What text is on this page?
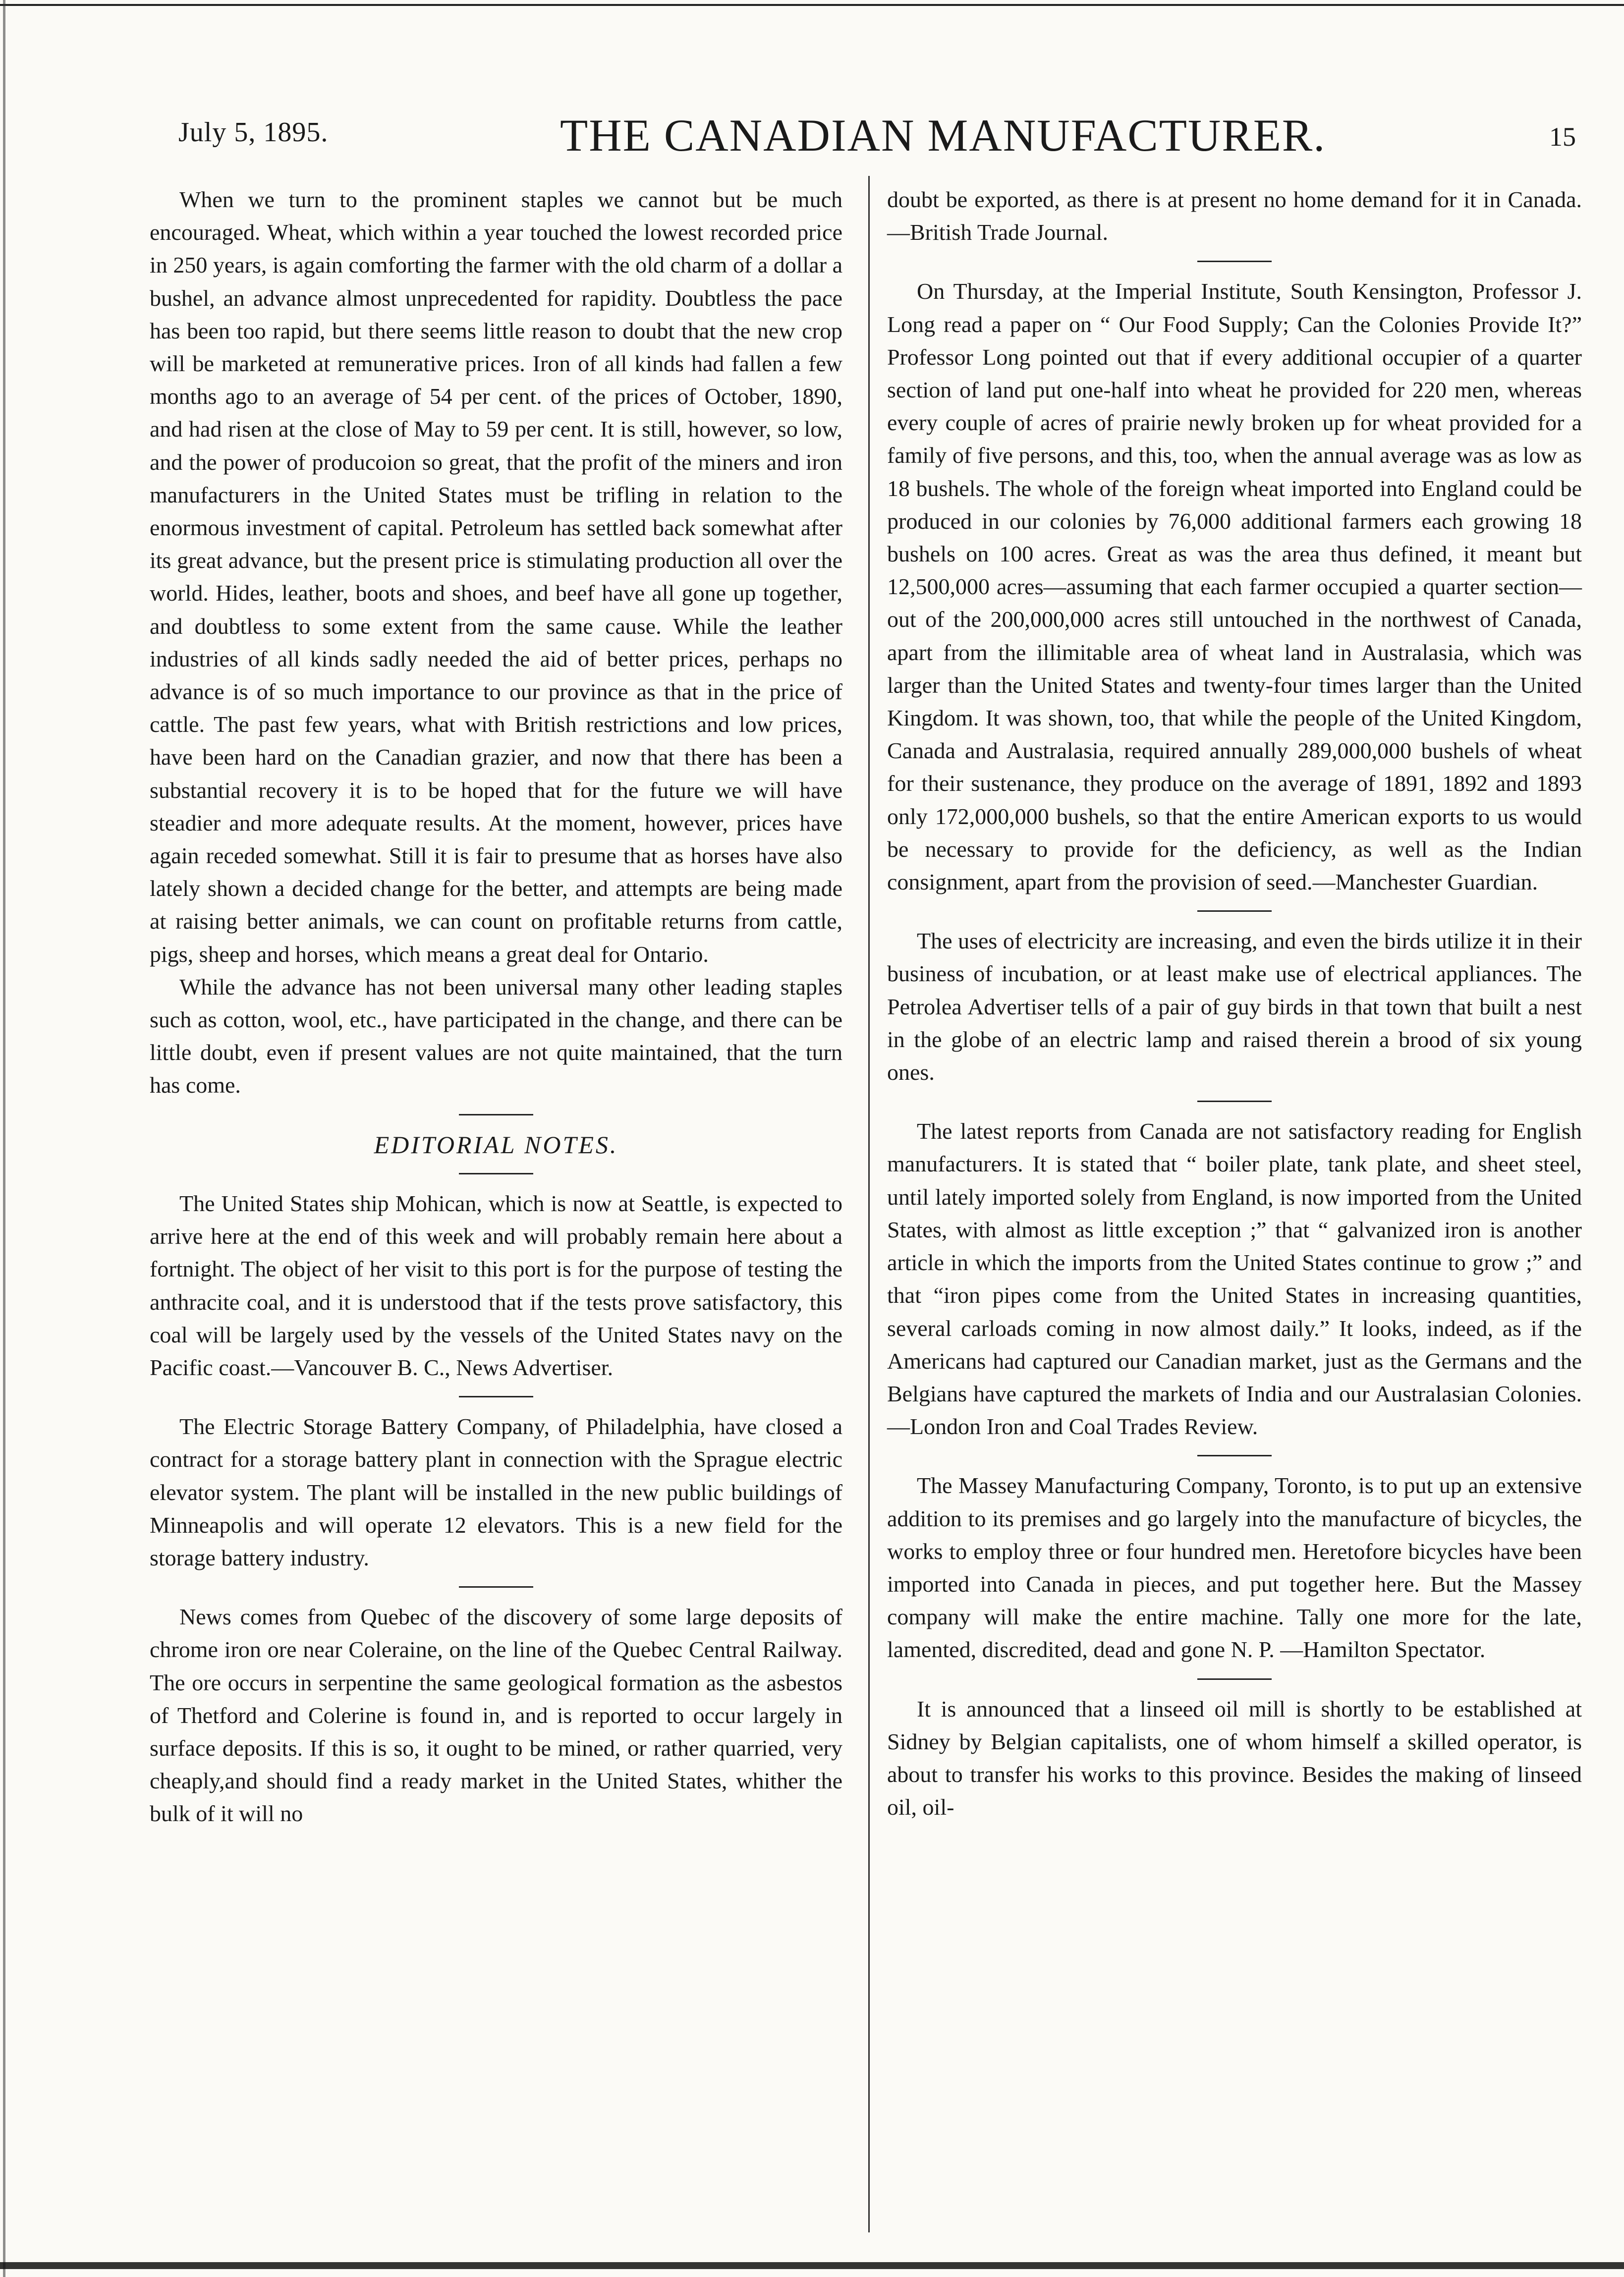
July 5, 1895.	THE CANADIAN MANUFACTURER.	15

When we turn to the prominent staples we cannot but be much encouraged. Wheat, which within a year touched the lowest recorded price in 250 years, is again comforting the farmer with the old charm of a dollar a bushel, an advance almost unprecedented for rapidity. Doubtless the pace has been too rapid, but there seems little reason to doubt that the new crop will be marketed at remunerative prices. Iron of all kinds had fallen a few months ago to an average of 54 per cent. of the prices of October, 1890, and had risen at the close of May to 59 per cent. It is still, however, so low, and the power of producoion so great, that the profit of the miners and iron manufacturers in the United States must be trifling in relation to the enormous investment of capital. Petroleum has settled back somewhat after its great advance, but the present price is stimulating production all over the world. Hides, leather, boots and shoes, and beef have all gone up together, and doubtless to some extent from the same cause. While the leather industries of all kinds sadly needed the aid of better prices, perhaps no advance is of so much importance to our province as that in the price of cattle. The past few years, what with British restrictions and low prices, have been hard on the Canadian grazier, and now that there has been a substantial recovery it is to be hoped that for the future we will have steadier and more adequate results. At the moment, however, prices have again receded somewhat. Still it is fair to presume that as horses have also lately shown a decided change for the better, and attempts are being made at raising better animals, we can count on profitable returns from cattle, pigs, sheep and horses, which means a great deal for Ontario.

While the advance has not been universal many other leading staples such as cotton, wool, etc., have participated in the change, and there can be little doubt, even if present values are not quite maintained, that the turn has come.

EDITORIAL NOTES.

The United States ship Mohican, which is now at Seattle, is expected to arrive here at the end of this week and will probably remain here about a fortnight. The object of her visit to this port is for the purpose of testing the anthracite coal, and it is understood that if the tests prove satisfactory, this coal will be largely used by the vessels of the United States navy on the Pacific coast.—Vancouver B. C., News Advertiser.

The Electric Storage Battery Company, of Philadelphia, have closed a contract for a storage battery plant in connection with the Sprague electric elevator system. The plant will be installed in the new public buildings of Minneapolis and will operate 12 elevators. This is a new field for the storage battery industry.

News comes from Quebec of the discovery of some large deposits of chrome iron ore near Coleraine, on the line of the Quebec Central Railway. The ore occurs in serpentine the same geological formation as the asbestos of Thetford and Colerine is found in, and is reported to occur largely in surface deposits. If this is so, it ought to be mined, or rather quarried, very cheaply,and should find a ready market in the United States, whither the bulk of it will no

doubt be exported, as there is at present no home demand for it in Canada.—British Trade Journal.

On Thursday, at the Imperial Institute, South Kensington, Professor J. Long read a paper on “ Our Food Supply; Can the Colonies Provide It?” Professor Long pointed out that if every additional occupier of a quarter section of land put one-half into wheat he provided for 220 men, whereas every couple of acres of prairie newly broken up for wheat provided for a family of five persons, and this, too, when the annual average was as low as 18 bushels. The whole of the foreign wheat imported into England could be produced in our colonies by 76,000 additional farmers each growing 18 bushels on 100 acres. Great as was the area thus defined, it meant but 12,500,000 acres—assuming that each farmer occupied a quarter section—out of the 200,000,000 acres still untouched in the northwest of Canada, apart from the illimitable area of wheat land in Australasia, which was larger than the United States and twenty-four times larger than the United Kingdom. It was shown, too, that while the people of the United Kingdom, Canada and Australasia, required annually 289,000,000 bushels of wheat for their sustenance, they produce on the average of 1891, 1892 and 1893 only 172,000,000 bushels, so that the entire American exports to us would be necessary to provide for the deficiency, as well as the Indian consignment, apart from the provision of seed.—Manchester Guardian.

The uses of electricity are increasing, and even the birds utilize it in their business of incubation, or at least make use of electrical appliances. The Petrolea Advertiser tells of a pair of guy birds in that town that built a nest in the globe of an electric lamp and raised therein a brood of six young ones.

The latest reports from Canada are not satisfactory reading for English manufacturers. It is stated that “ boiler plate, tank plate, and sheet steel, until lately imported solely from England, is now imported from the United States, with almost as little exception ;” that “ galvanized iron is another article in which the imports from the United States continue to grow ;” and that “iron pipes come from the United States in increasing quantities, several carloads coming in now almost daily.” It looks, indeed, as if the Americans had captured our Canadian market, just as the Germans and the Belgians have captured the markets of India and our Australasian Colonies.—London Iron and Coal Trades Review.

The Massey Manufacturing Company, Toronto, is to put up an extensive addition to its premises and go largely into the manufacture of bicycles, the works to employ three or four hundred men. Heretofore bicycles have been imported into Canada in pieces, and put together here. But the Massey company will make the entire machine. Tally one more for the late, lamented, discredited, dead and gone N. P. —Hamilton Spectator.

It is announced that a linseed oil mill is shortly to be established at Sidney by Belgian capitalists, one of whom himself a skilled operator, is about to transfer his works to this province. Besides the making of linseed oil, oil-
